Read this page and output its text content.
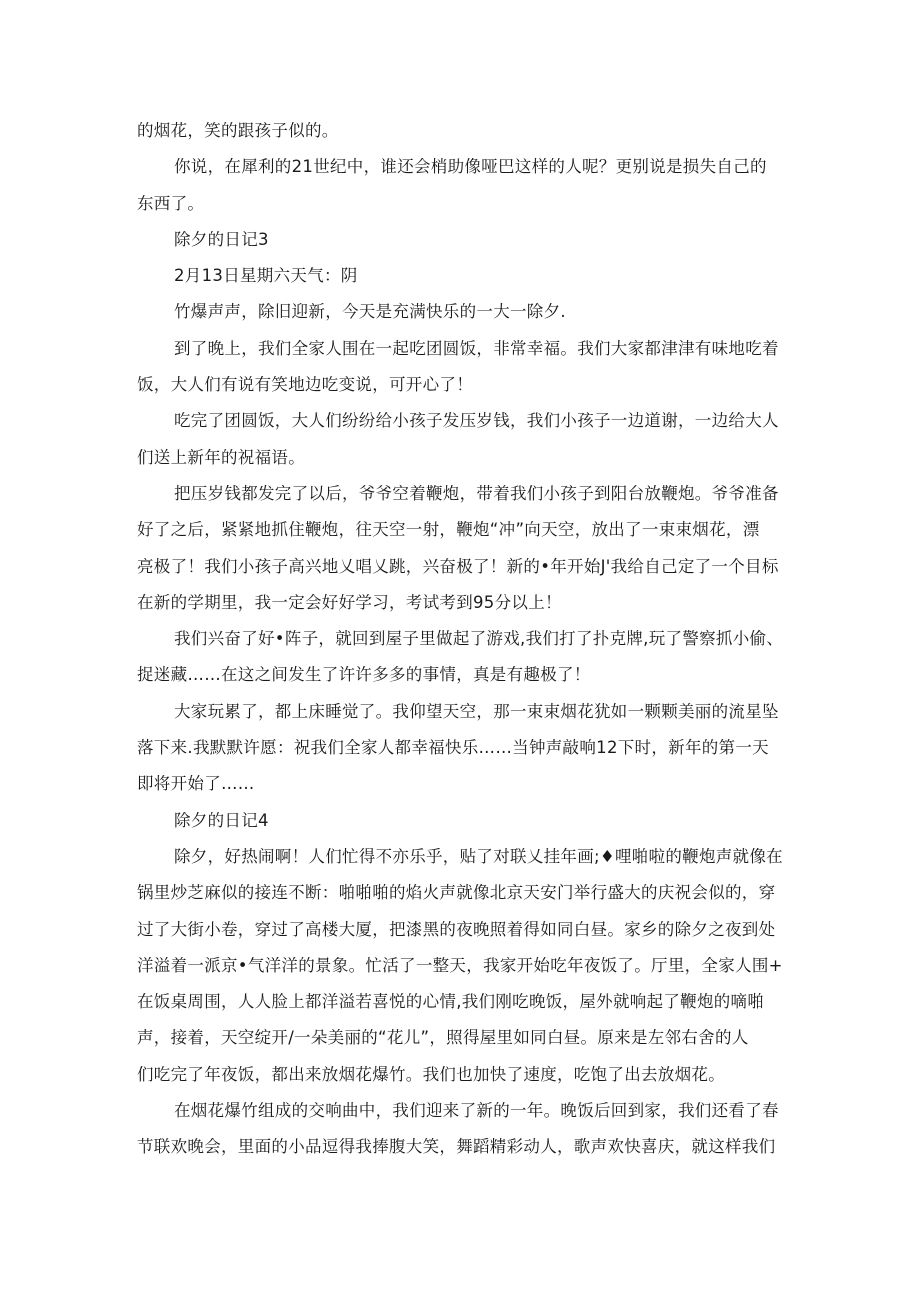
的烟花，笑的跟孩子似的。
你说，在犀利的21世纪中，谁还会梢助像哑巴这样的人呢？更别说是损失自己的
东西了。
除夕的日记3
2月13日星期六天气：阴
竹爆声声，除旧迎新，今天是充满快乐的一大一除夕.
到了晚上，我们全家人围在一起吃团圆饭，非常幸福。我们大家都津津有味地吃着
饭，大人们有说有笑地边吃变说，可开心了！
吃完了团圆饭，大人们纷纷给小孩子发压岁钱，我们小孩子一边道谢，一边给大人
们送上新年的祝福语。
把压岁钱都发完了以后，爷爷空着鞭炮，带着我们小孩子到阳台放鞭炮。爷爷准备
好了之后，紧紧地抓住鞭炮，往天空一射，鞭炮“冲”向天空，放出了一束束烟花，漂
亮极了！我们小孩子高兴地乂唱乂跳，兴奋极了！新的•年开始J'我给自己定了一个目标
在新的学期里，我一定会好好学习，考试考到95分以上！
我们兴奋了好•阵子，就回到屋子里做起了游戏,我们打了扑克牌,玩了警察抓小偷、
捉迷藏……在这之间发生了许许多多的事情，真是有趣极了！
大家玩累了，都上床睡觉了。我仰望天空，那一束束烟花犹如一颗颗美丽的流星坠
落下来.我默默许愿：祝我们全家人都幸福快乐……当钟声敲响12下时，新年的第一天
即将开始了……
除夕的日记4
除夕，好热闹啊！人们忙得不亦乐乎，贴了对联乂挂年画;♦哩啪啦的鞭炮声就像在
锅里炒芝麻似的接连不断：啪啪啪的焰火声就像北京天安门举行盛大的庆祝会似的，穿
过了大街小卷，穿过了高楼大厦，把漆黑的夜晚照着得如同白昼。家乡的除夕之夜到处
洋溢着一派京•气洋洋的景象。忙活了一整天，我家开始吃年夜饭了。厅里，全家人围+
在饭桌周围，人人脸上都洋溢若喜悦的心情,我们刚吃晚饭，屋外就响起了鞭炮的嘀啪
声，接着，天空绽开/一朵美丽的“花儿”，照得屋里如同白昼。原来是左邻右舍的人
们吃完了年夜饭，都出来放烟花爆竹。我们也加快了速度，吃饱了出去放烟花。
在烟花爆竹组成的交响曲中，我们迎来了新的一年。晚饭后回到家，我们还看了春
节联欢晚会，里面的小品逗得我捧腹大笑，舞蹈精彩动人，歌声欢快喜庆，就这样我们
